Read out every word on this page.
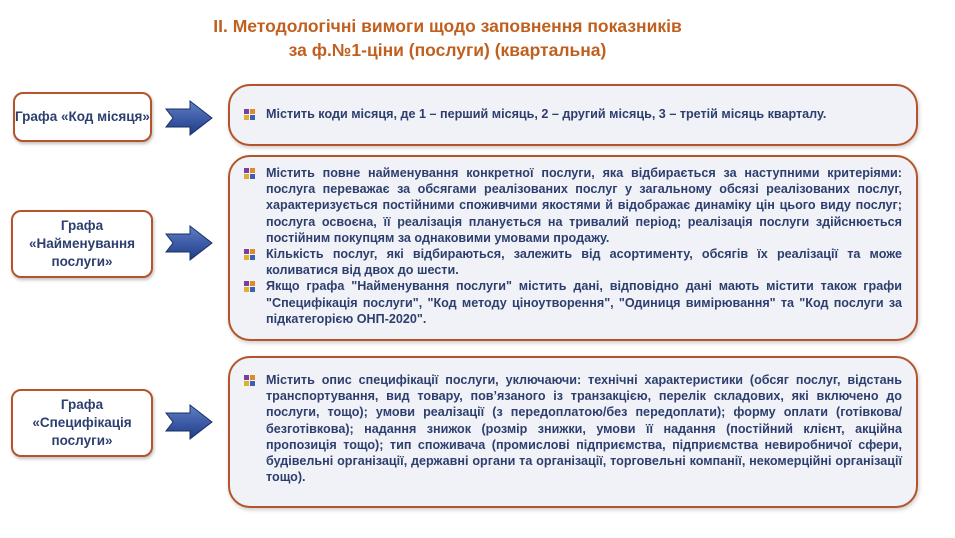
II. Методологічні вимоги щодо заповнення показників
за ф.№1-ціни (послуги) (квартальна)
Графа «Код місяця»	Містить коди місяця, де 1 – перший місяць, 2 – другий місяць, 3 – третій місяць кварталу.

Графа «Найменування послуги»

Містить повне найменування конкретної послуги, яка відбирається за наступними критеріями: послуга переважає за обсягами реалізованих послуг у загальному обсязі реалізованих послуг, характеризується постійними споживчими якостями й відображає динаміку цін цього виду послуг; послуга освоєна, її реалізація планується на тривалий період; реалізація послуги здійснюється постійним покупцям за однаковими умовами продажу.

Кількість послуг, які відбираються, залежить від асортименту, обсягів їх реалізації та може коливатися від двох до шести.

Якщо графа "Найменування послуги" містить дані, відповідно дані мають містити також графи "Специфікація послуги", "Код методу ціноутворення", "Одиниця вимірювання" та "Код послуги за підкатегорією ОНП-2020".

Графа «Специфікація послуги»

Містить опис специфікації послуги, уключаючи: технічні характеристики (обсяг послуг, відстань транспортування, вид товару, пов’язаного із транзакцією, перелік складових, які включено до послуги, тощо); умови реалізації (з передоплатою/без передоплати); форму оплати (готівкова/безготівкова); надання знижок (розмір знижки, умови її надання (постійний клієнт, акційна пропозиція тощо); тип споживача (промислові підприємства, підприємства невиробничої сфери, будівельні організації, державні органи та організації, торговельні компанії, некомерційні організації тощо).
